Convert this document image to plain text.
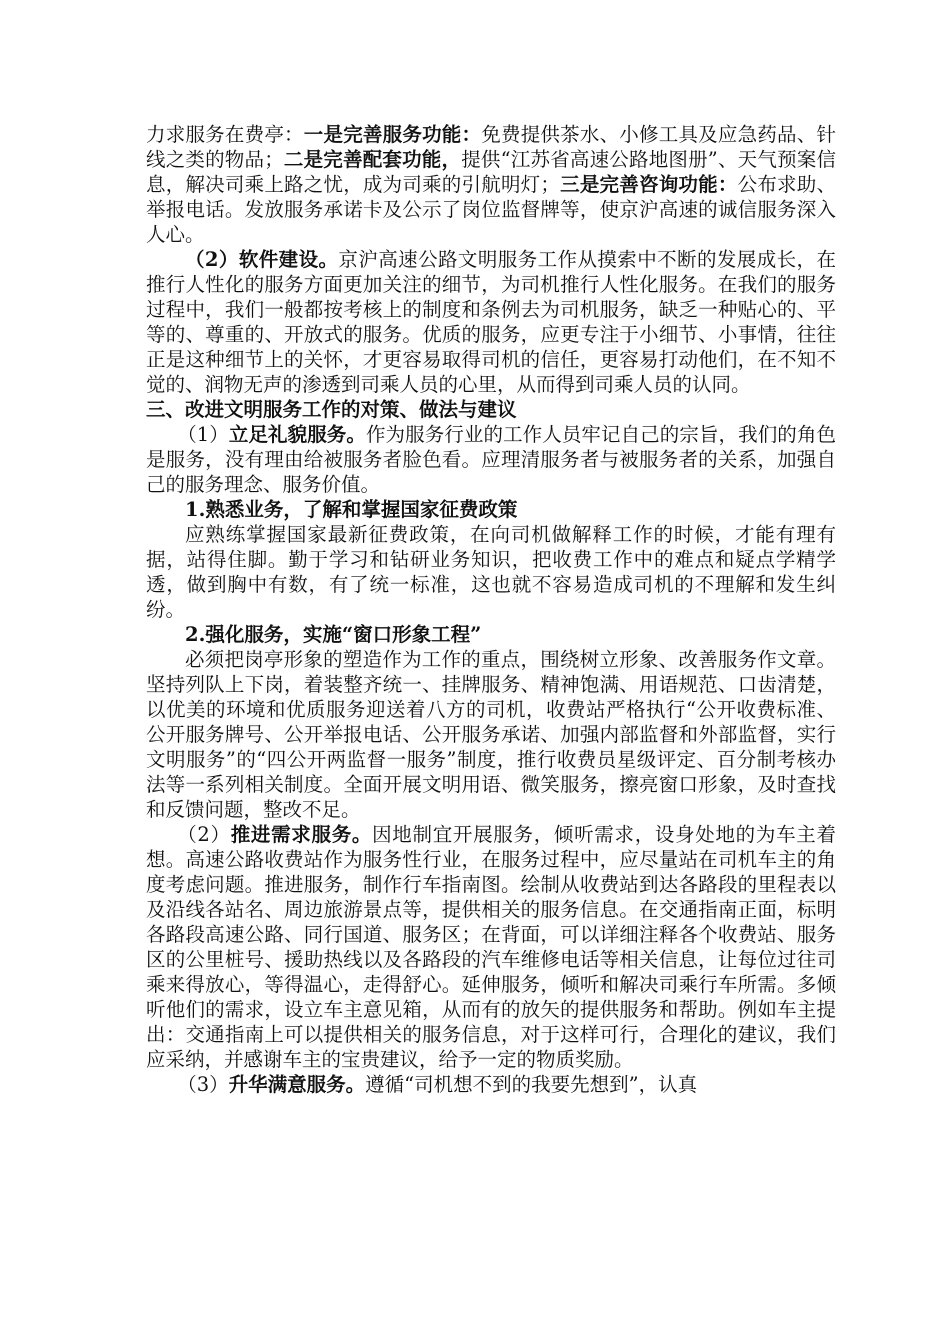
力求服务在费亭：一是完善服务功能：免费提供茶水、小修工具及应急药品、针线之类的物品；二是完善配套功能，提供“江苏省高速公路地图册”、天气预案信息，解决司乘上路之忧，成为司乘的引航明灯；三是完善咨询功能：公布求助、举报电话。发放服务承诺卡及公示了岗位监督牌等，使京沪高速的诚信服务深入人心。

（2）软件建设。京沪高速公路文明服务工作从摸索中不断的发展成长，在推行人性化的服务方面更加关注的细节，为司机推行人性化服务。在我们的服务过程中，我们一般都按考核上的制度和条例去为司机服务，缺乏一种贴心的、平等的、尊重的、开放式的服务。优质的服务，应更专注于小细节、小事情，往往正是这种细节上的关怀，才更容易取得司机的信任，更容易打动他们，在不知不觉的、润物无声的渗透到司乘人员的心里，从而得到司乘人员的认同。

三、改进文明服务工作的对策、做法与建议

（1）立足礼貌服务。作为服务行业的工作人员牢记自己的宗旨，我们的角色是服务，没有理由给被服务者脸色看。应理清服务者与被服务者的关系，加强自己的服务理念、服务价值。

1.熟悉业务，了解和掌握国家征费政策

应熟练掌握国家最新征费政策，在向司机做解释工作的时候，才能有理有据，站得住脚。勤于学习和钻研业务知识，把收费工作中的难点和疑点学精学透，做到胸中有数，有了统一标准，这也就不容易造成司机的不理解和发生纠纷。

2.强化服务，实施“窗口形象工程”

必须把岗亭形象的塑造作为工作的重点，围绕树立形象、改善服务作文章。坚持列队上下岗，着装整齐统一、挂牌服务、精神饱满、用语规范、口齿清楚，以优美的环境和优质服务迎送着八方的司机，收费站严格执行“公开收费标准、公开服务牌号、公开举报电话、公开服务承诺、加强内部监督和外部监督，实行文明服务”的“四公开两监督一服务”制度，推行收费员星级评定、百分制考核办法等一系列相关制度。全面开展文明用语、微笑服务，擦亮窗口形象，及时查找和反馈问题，整改不足。

（2）推进需求服务。因地制宜开展服务，倾听需求，设身处地的为车主着想。高速公路收费站作为服务性行业，在服务过程中，应尽量站在司机车主的角度考虑问题。推进服务，制作行车指南图。绘制从收费站到达各路段的里程表以及沿线各站名、周边旅游景点等，提供相关的服务信息。在交通指南正面，标明各路段高速公路、同行国道、服务区；在背面，可以详细注释各个收费站、服务区的公里桩号、援助热线以及各路段的汽车维修电话等相关信息，让每位过往司乘来得放心，等得温心，走得舒心。延伸服务，倾听和解决司乘行车所需。多倾听他们的需求，设立车主意见箱，从而有的放矢的提供服务和帮助。例如车主提出：交通指南上可以提供相关的服务信息，对于这样可行，合理化的建议，我们应采纳，并感谢车主的宝贵建议，给予一定的物质奖励。

（3）升华满意服务。遵循“司机想不到的我要先想到”，认真
